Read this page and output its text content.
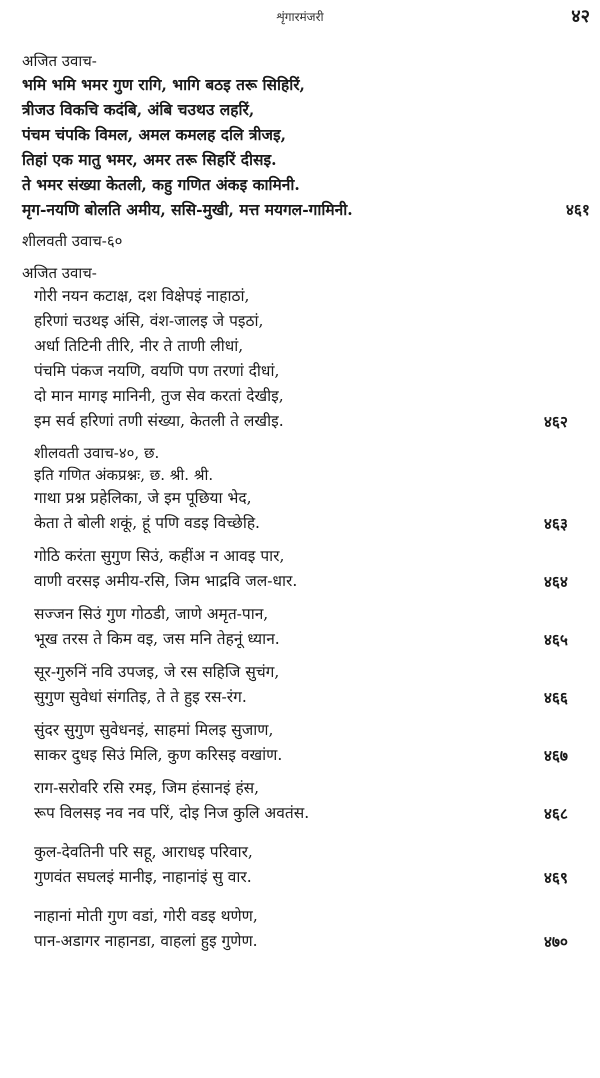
शृंगारमंजरी	४२
अजित उवाच-
भमि भमि भमर गुण रागि, भागि बठइ तरू सिहिरिं,
त्रीजउ विकचि कदंबि, अंबि चउथउ लहरिं,
पंचम चंपकि विमल, अमल कमलह दलि त्रीजइ,
तिहां एक मातु भमर, अमर तरू सिहरिं दीसइ.
ते भमर संख्या केतली, कहु गणित अंकइ कामिनी.
मृग-नयणि बोलति अमीय, ससि-मुखी, मत्त मयगल-गामिनी.	४६१
शीलवती उवाच-६०
अजित उवाच-
गोरी नयन कटाक्ष, दश विक्षेपइं नाहाठां,
हरिणां चउथइ अंसि, वंश-जालइ जे पइठां,
अर्धा तिटिनी तीरि, नीर ते ताणी लीधां,
पंचमि पंकज नयणि, वयणि पण तरणां दीधां,
दो मान मागइ मानिनी, तुज सेव करतां देखीइ,
इम सर्व हरिणां तणी संख्या, केतली ते लखीइ.	४६२
शीलवती उवाच-४०, छ.
इति गणित अंकप्रश्नः, छ. श्री. श्री.
गाथा प्रश्न प्रहेलिका, जे इम पूछिया भेद,
केता ते बोली शकूं, हूं पणि वडइ विच्छेहि.	४६३
गोठि करंता सुगुण सिउं, कहींअ न आवइ पार,
वाणी वरसइ अमीय-रसि, जिम भाद्रवि जल-धार.	४६४
सज्जन सिउं गुण गोठडी, जाणे अमृत-पान,
भूख तरस ते किम वइ, जस मनि तेहनूं ध्यान.	४६५
सूर-गुरुनिं नवि उपजइ, जे रस सहिजि सुचंग,
सुगुण सुवेधां संगतिइ, ते ते हुइ रस-रंग.	४६६
सुंदर सुगुण सुवेधनइं, साहमां मिलइ सुजाण,
साकर दुधइ सिउं मिलि, कुण करिसइ वखांण.	४६७
राग-सरोवरि रसि रमइ, जिम हंसानइं हंस,
रूप विलसइ नव नव परिं, दोइ निज कुलि अवतंस.	४६८
कुल-देवतिनी परि सहू, आराधइ परिवार,
गुणवंत सघलइं मानीइ, नाहानांइं सु वार.	४६९
नाहानां मोती गुण वडां, गोरी वडइ थणेण,
पान-अडागर नाहानडा, वाहलां हुइ गुणेण.	४७०
